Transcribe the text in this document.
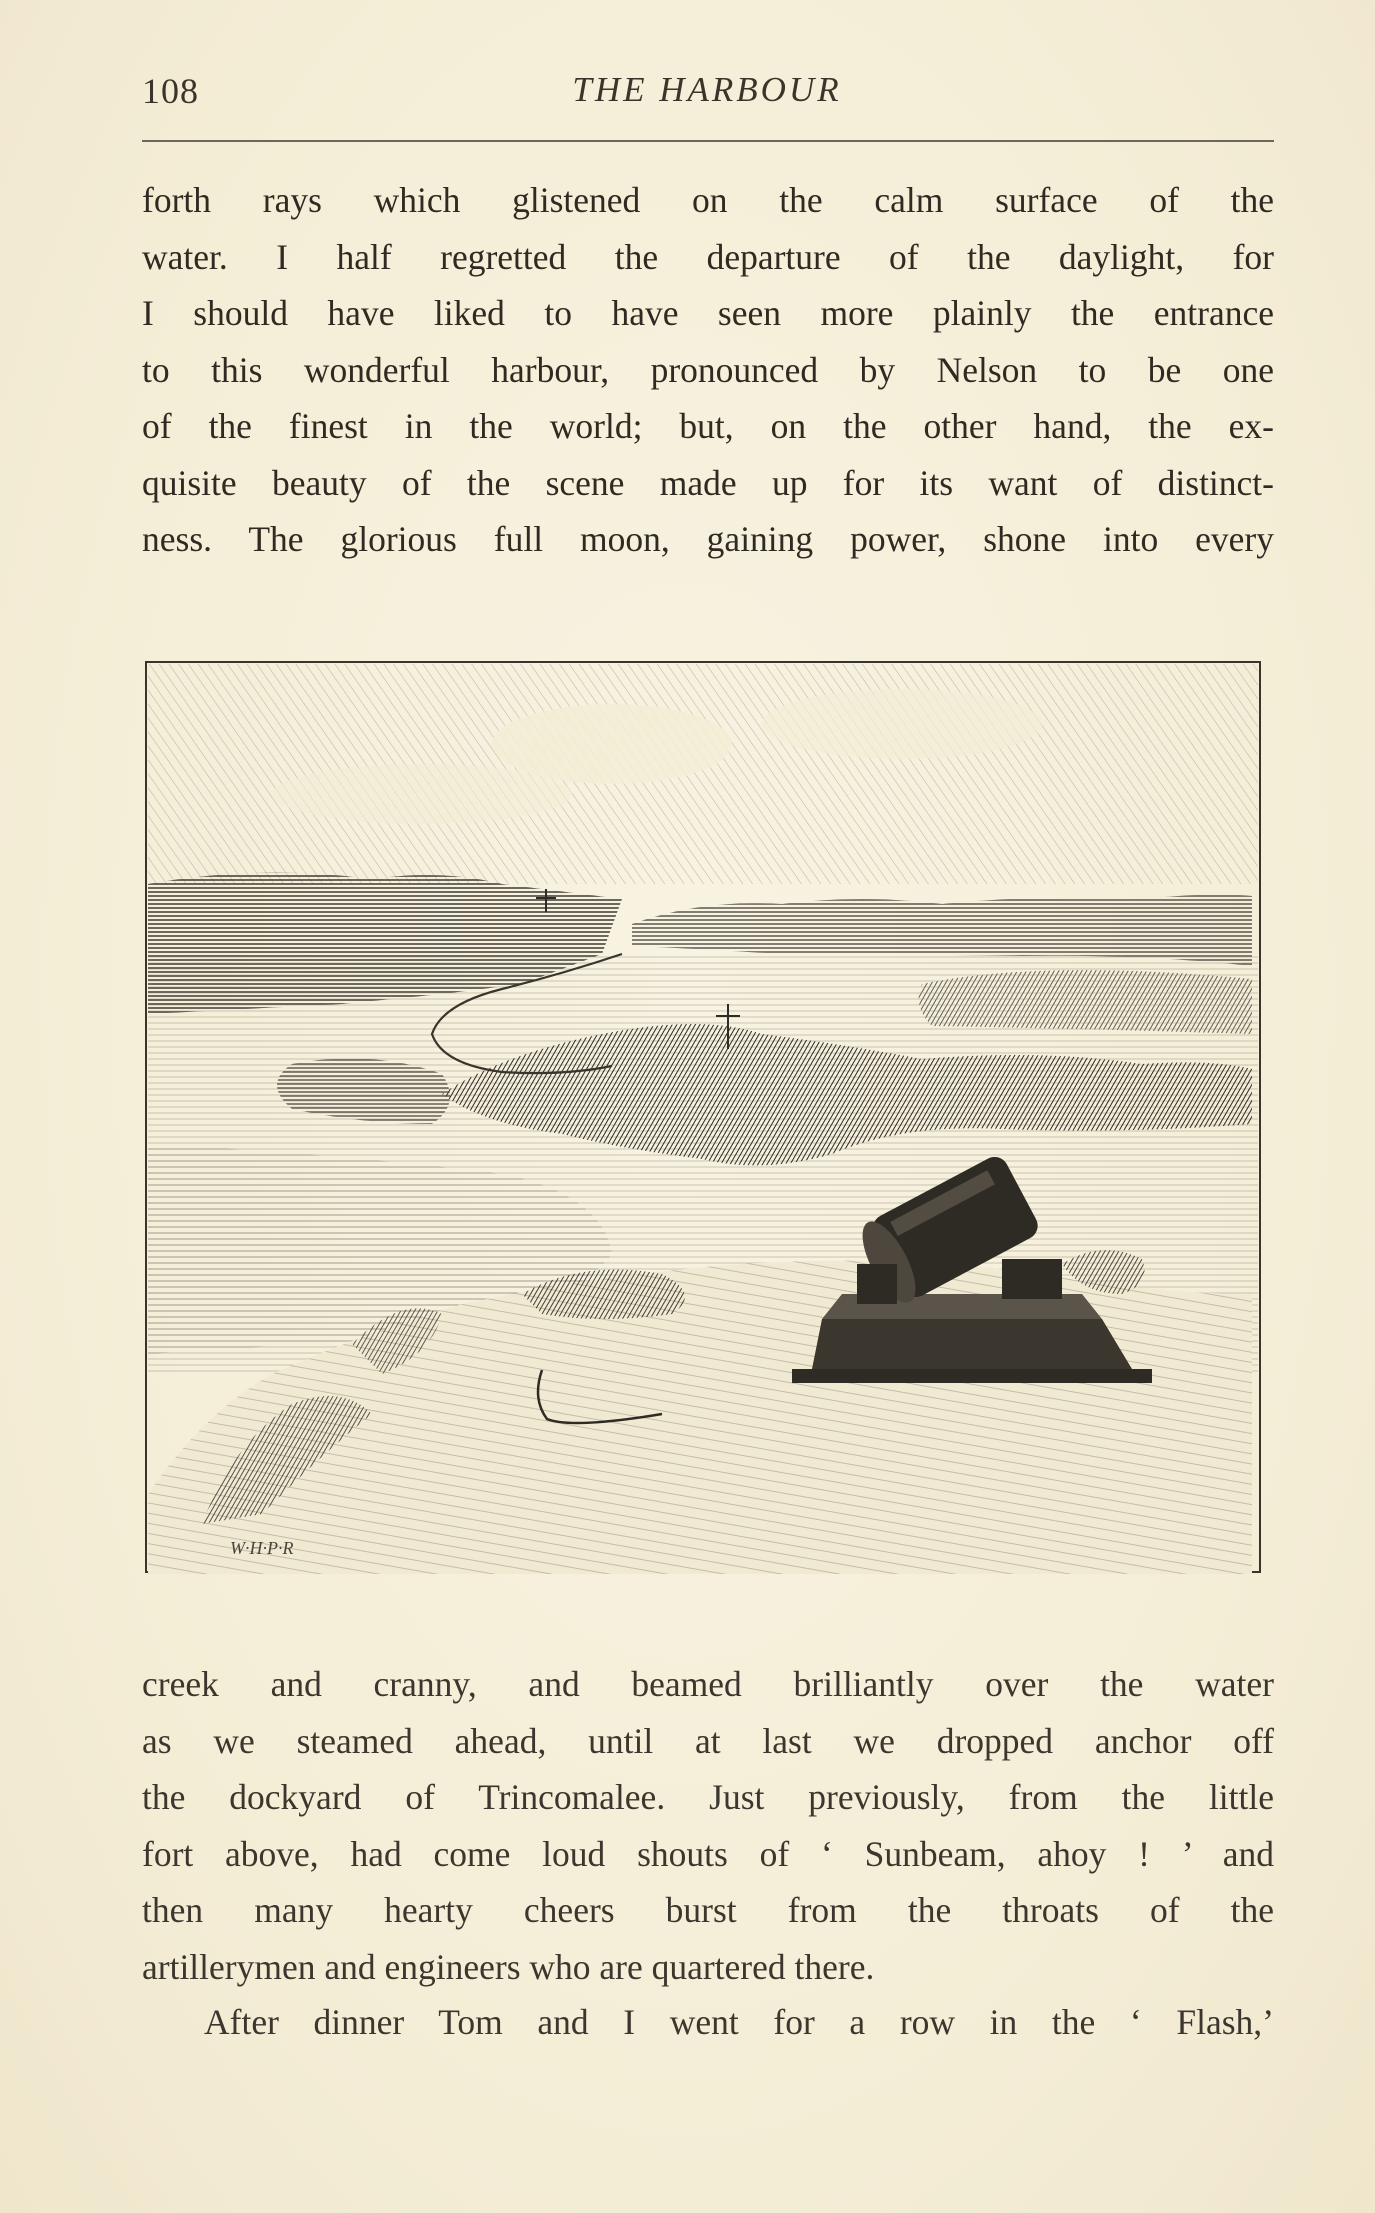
108	THE HARBOUR

forth rays which glistened on the calm surface of the
water. I half regretted the departure of the daylight, for
I should have liked to have seen more plainly the entrance
to this wonderful harbour, pronounced by Nelson to be one
of the finest in the world; but, on the other hand, the ex-
quisite beauty of the scene made up for its want of distinct-
ness. The glorious full moon, gaining power, shone into every

W·H·P·R

creek and cranny, and beamed brilliantly over the water
as we steamed ahead, until at last we dropped anchor off
the dockyard of Trincomalee. Just previously, from the little
fort above, had come loud shouts of ‘ Sunbeam, ahoy ! ’ and
then many hearty cheers burst from the throats of the
artillerymen and engineers who are quartered there.

After dinner Tom and I went for a row in the ‘ Flash,’
